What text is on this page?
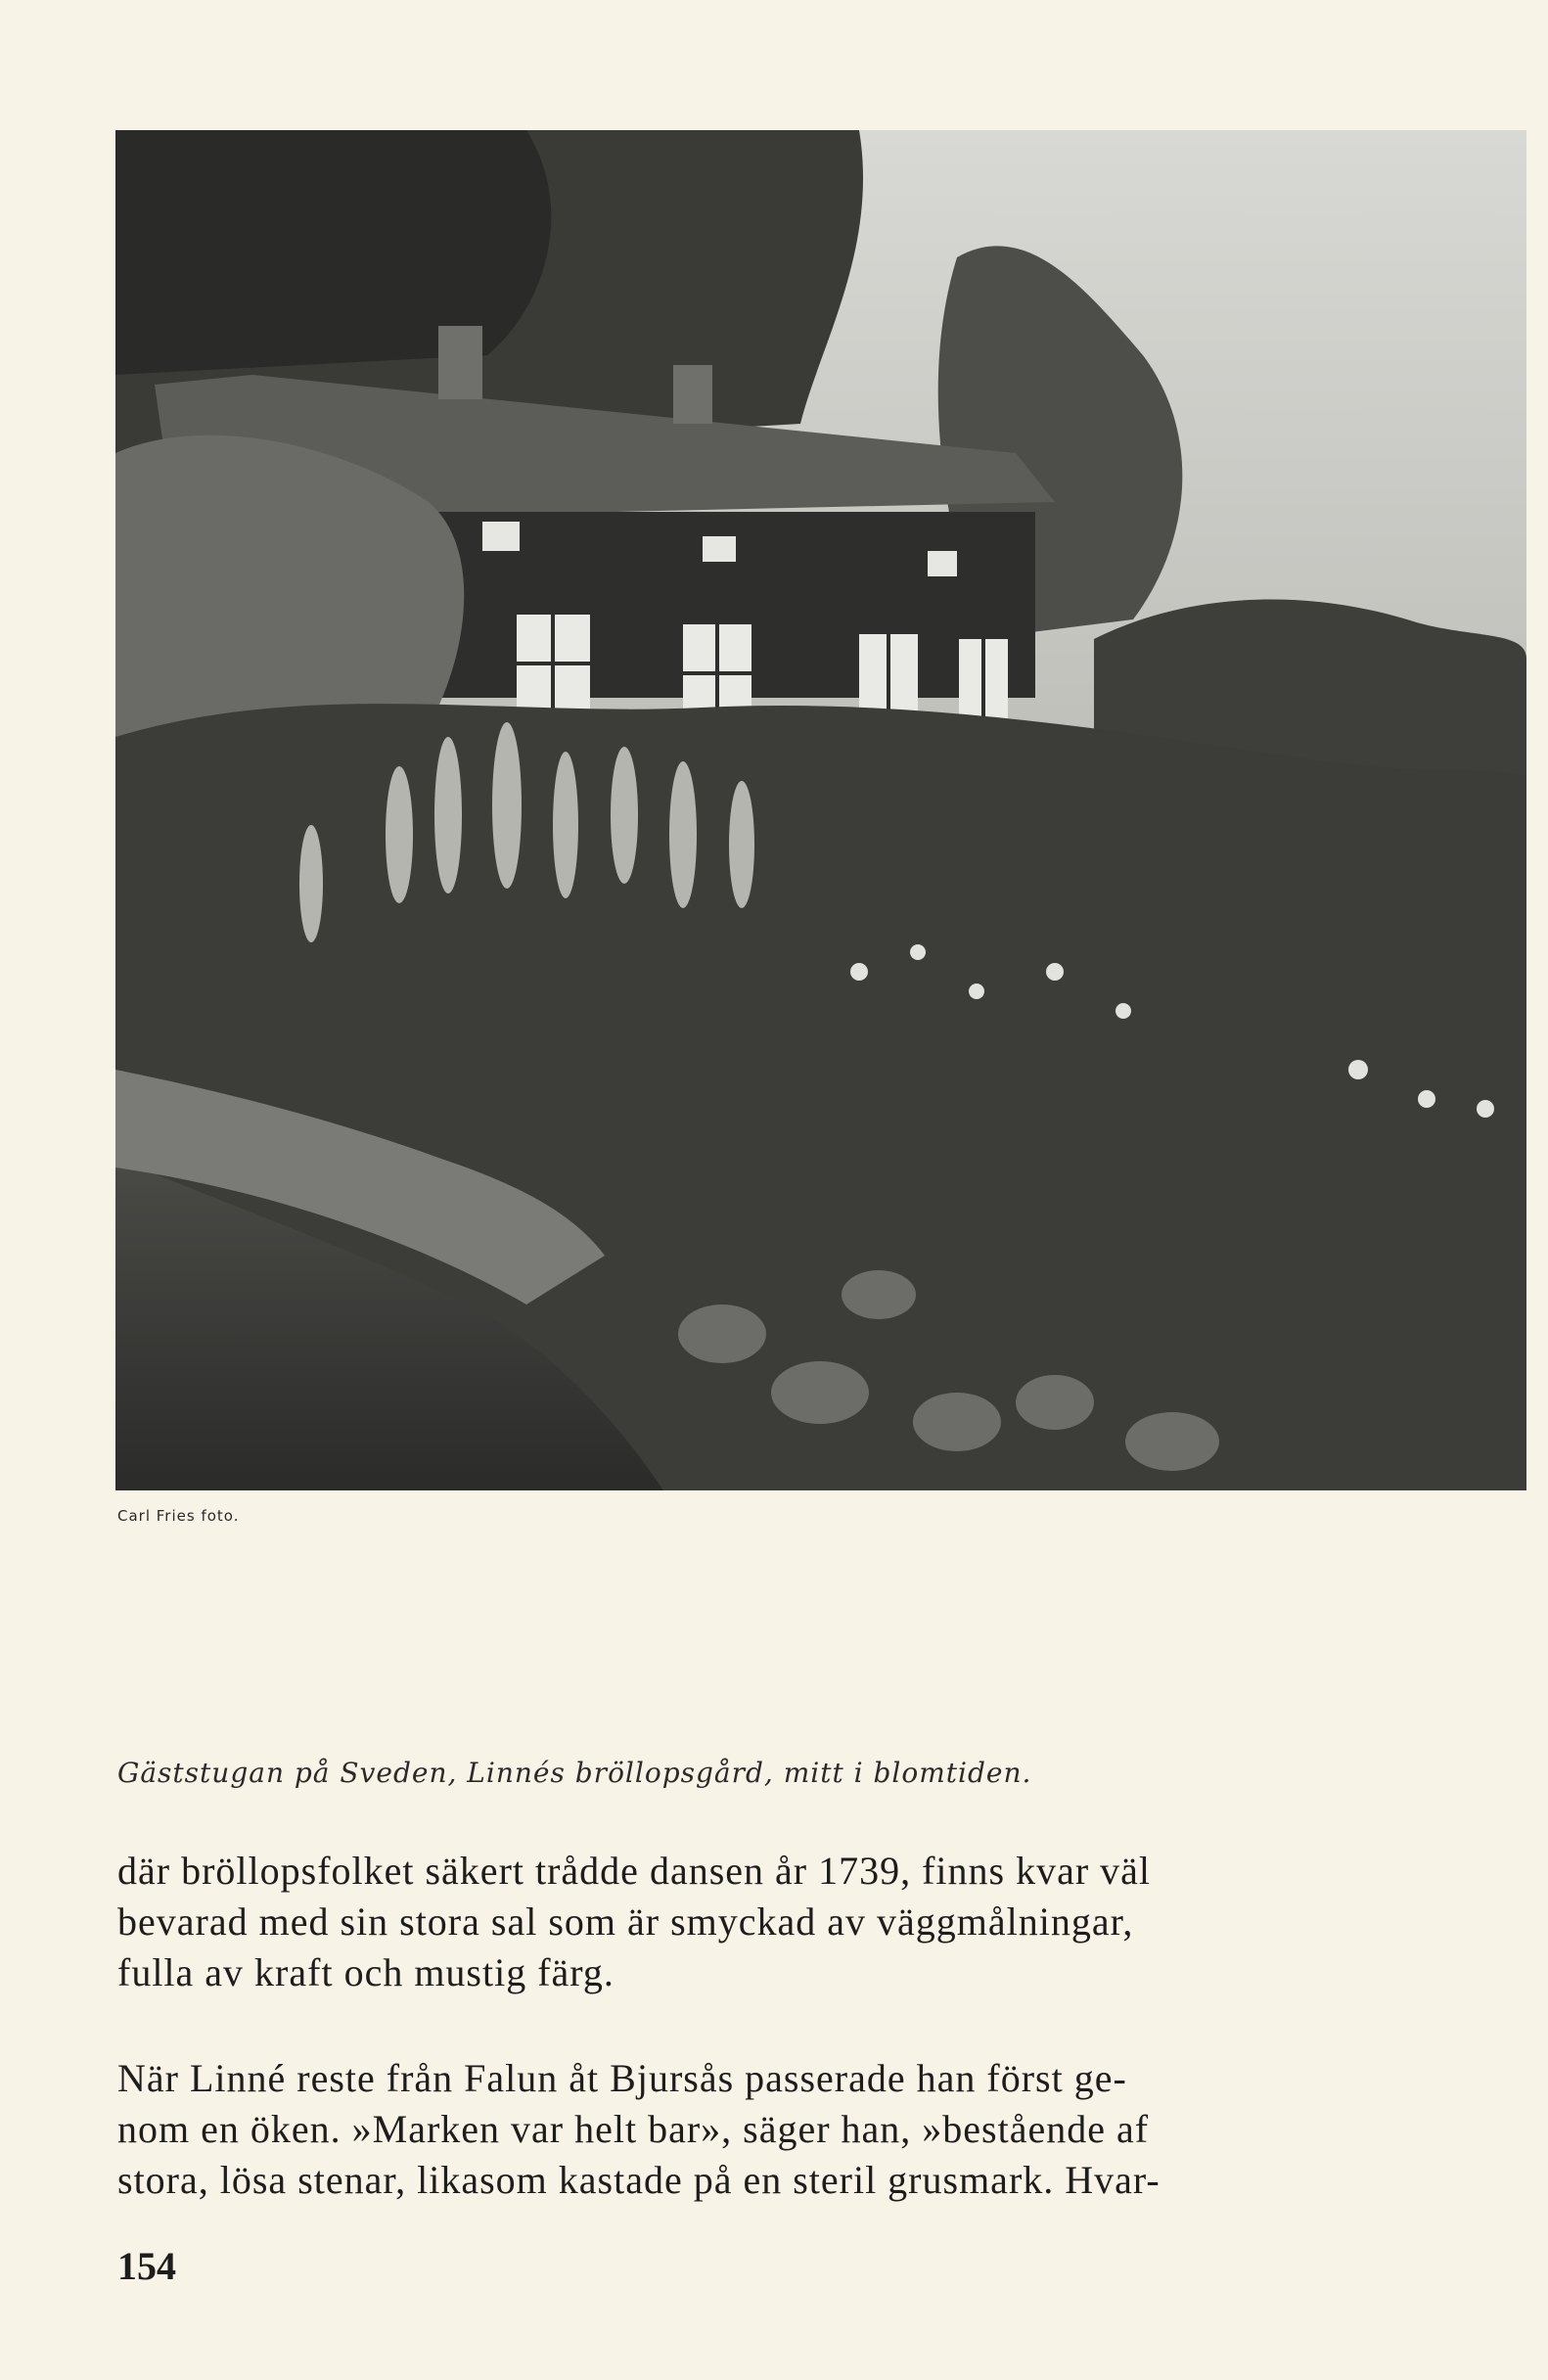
Carl Fries foto.
Gäststugan på Sveden, Linnés bröllopsgård, mitt i blomtiden.
där bröllopsfolket säkert trådde dansen år 1739, finns kvar väl
bevarad med sin stora sal som är smyckad av väggmålningar,
fulla av kraft och mustig färg.
När Linné reste från Falun åt Bjursås passerade han först ge-
nom en öken. »Marken var helt bar», säger han, »bestående af
stora, lösa stenar, likasom kastade på en steril grusmark. Hvar-
154
